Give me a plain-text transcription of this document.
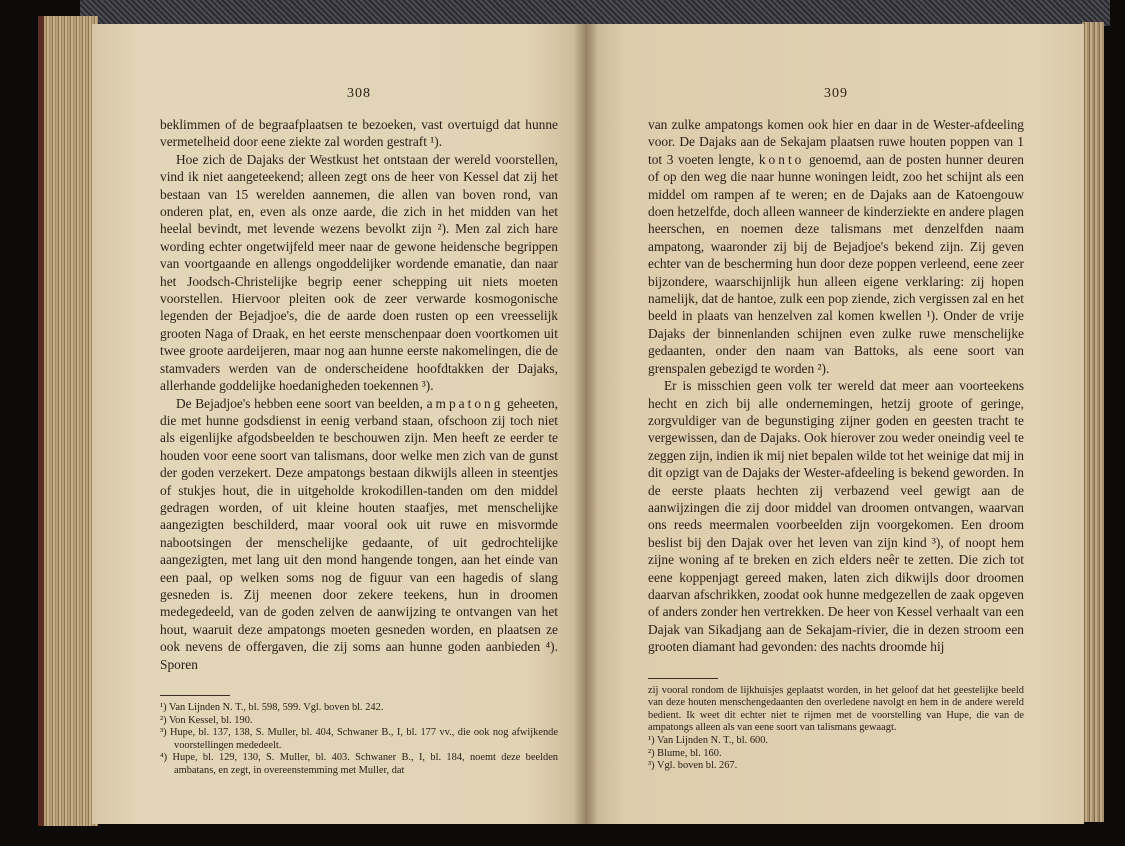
308

beklimmen of de begraafplaatsen te bezoeken, vast overtuigd dat hunne vermetelheid door eene ziekte zal worden gestraft ¹).

Hoe zich de Dajaks der Westkust het ontstaan der wereld voorstellen, vind ik niet aangeteekend; alleen zegt ons de heer von Kessel dat zij het bestaan van 15 werelden aannemen, die allen van boven rond, van onderen plat, en, even als onze aarde, die zich in het midden van het heelal bevindt, met levende wezens bevolkt zijn ²). Men zal zich hare wording echter ongetwijfeld meer naar de gewone heidensche begrippen van voortgaande en allengs ongoddelijker wordende emanatie, dan naar het Joodsch-Christelijke begrip eener schepping uit niets moeten voorstellen. Hiervoor pleiten ook de zeer verwarde kosmogonische legenden der Bejadjoe's, die de aarde doen rusten op een vreesselijk grooten Naga of Draak, en het eerste menschenpaar doen voortkomen uit twee groote aardeijeren, maar nog aan hunne eerste nakomelingen, die de stamvaders werden van de onderscheidene hoofdtakken der Dajaks, allerhande goddelijke hoedanigheden toekennen ³).

De Bejadjoe's hebben eene soort van beelden, ampatong geheeten, die met hunne godsdienst in eenig verband staan, ofschoon zij toch niet als eigenlijke afgodsbeelden te beschouwen zijn. Men heeft ze eerder te houden voor eene soort van talismans, door welke men zich van de gunst der goden verzekert. Deze ampatongs bestaan dikwijls alleen in steentjes of stukjes hout, die in uitgeholde krokodillen-tanden om den middel gedragen worden, of uit kleine houten staafjes, met menschelijke aangezigten beschilderd, maar vooral ook uit ruwe en misvormde nabootsingen der menschelijke gedaante, of uit gedrochtelijke aangezigten, met lang uit den mond hangende tongen, aan het einde van een paal, op welken soms nog de figuur van een hagedis of slang gesneden is. Zij meenen door zekere teekens, hun in droomen medegedeeld, van de goden zelven de aanwijzing te ontvangen van het hout, waaruit deze ampatongs moeten gesneden worden, en plaatsen ze ook nevens de offergaven, die zij soms aan hunne goden aanbieden ⁴). Sporen

¹) Van Lijnden N. T., bl. 598, 599. Vgl. boven bl. 242.

²) Von Kessel, bl. 190.

³) Hupe, bl. 137, 138, S. Muller, bl. 404, Schwaner B., I, bl. 177 vv., die ook nog afwijkende voorstellingen mededeelt.

⁴) Hupe, bl. 129, 130, S. Muller, bl. 403. Schwaner B., I, bl. 184, noemt deze beelden ambatans, en zegt, in overeenstemming met Muller, dat

309

van zulke ampatongs komen ook hier en daar in de Wester-afdeeling voor. De Dajaks aan de Sekajam plaatsen ruwe houten poppen van 1 tot 3 voeten lengte, konto genoemd, aan de posten hunner deuren of op den weg die naar hunne woningen leidt, zoo het schijnt als een middel om rampen af te weren; en de Dajaks aan de Katoengouw doen hetzelfde, doch alleen wanneer de kinderziekte en andere plagen heerschen, en noemen deze talismans met denzelfden naam ampatong, waaronder zij bij de Bejadjoe's bekend zijn. Zij geven echter van de bescherming hun door deze poppen verleend, eene zeer bijzondere, waarschijnlijk hun alleen eigene verklaring: zij hopen namelijk, dat de hantoe, zulk een pop ziende, zich vergissen zal en het beeld in plaats van henzelven zal komen kwellen ¹). Onder de vrije Dajaks der binnenlanden schijnen even zulke ruwe menschelijke gedaanten, onder den naam van Battoks, als eene soort van grenspalen gebezigd te worden ²).

Er is misschien geen volk ter wereld dat meer aan voorteekens hecht en zich bij alle ondernemingen, hetzij groote of geringe, zorgvuldiger van de begunstiging zijner goden en geesten tracht te vergewissen, dan de Dajaks. Ook hierover zou weder oneindig veel te zeggen zijn, indien ik mij niet bepalen wilde tot het weinige dat mij in dit opzigt van de Dajaks der Wester-afdeeling is bekend geworden. In de eerste plaats hechten zij verbazend veel gewigt aan de aanwijzingen die zij door middel van droomen ontvangen, waarvan ons reeds meermalen voorbeelden zijn voorgekomen. Een droom beslist bij den Dajak over het leven van zijn kind ³), of noopt hem zijne woning af te breken en zich elders neêr te zetten. Die zich tot eene koppenjagt gereed maken, laten zich dikwijls door droomen daarvan afschrikken, zoodat ook hunne medgezellen de zaak opgeven of anders zonder hen vertrekken. De heer von Kessel verhaalt van een Dajak van Sikadjang aan de Sekajam-rivier, die in dezen stroom een grooten diamant had gevonden: des nachts droomde hij

zij vooral rondom de lijkhuisjes geplaatst worden, in het geloof dat het geestelijke beeld van deze houten menschengedaanten den overledene navolgt en hem in de andere wereld bedient. Ik weet dit echter niet te rijmen met de voorstelling van Hupe, die van de ampatongs alleen als van eene soort van talismans gewaagt.

¹) Van Lijnden N. T., bl. 600.

²) Blume, bl. 160.

³) Vgl. boven bl. 267.
